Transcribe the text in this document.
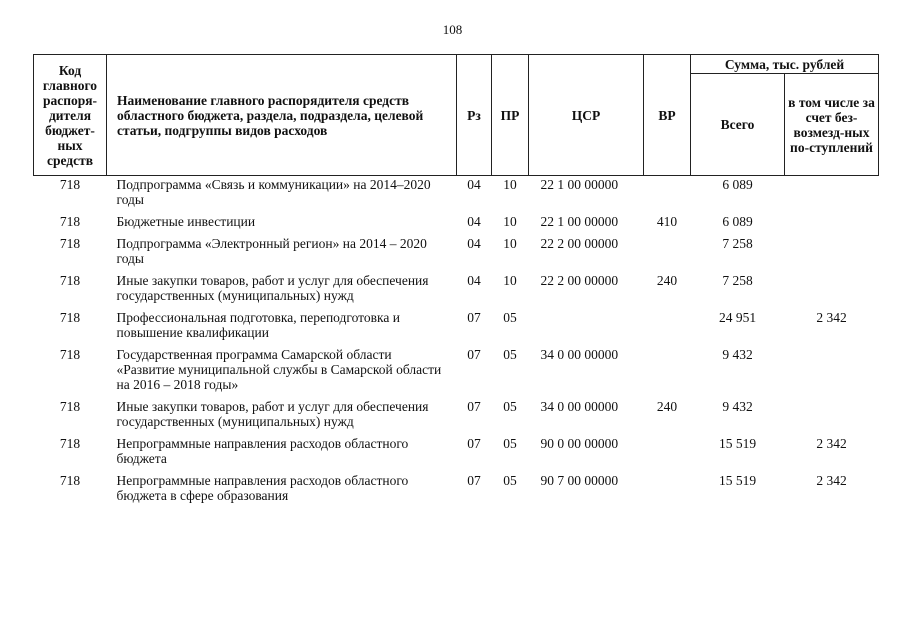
108
Код главного распоря-дителя бюджет-ных средств	Наименование главного распорядителя средств областного бюджета, раздела, подраздела, целевой статьи, подгруппы видов расходов	Рз	ПР	ЦСР	ВР	Сумма, тыс. рублей	
						Всего	в том числе за счет без-возмезд-ных по-ступлений
718	Подпрограмма «Связь и коммуникации» на 2014–2020 годы	04	10	22 1 00 00000		6 089	
718	Бюджетные инвестиции	04	10	22 1 00 00000	410	6 089	
718	Подпрограмма «Электронный регион» на 2014 – 2020 годы	04	10	22 2 00 00000		7 258	
718	Иные закупки товаров, работ и услуг для обеспечения государственных (муниципальных) нужд	04	10	22 2 00 00000	240	7 258	
718	Профессиональная подготовка, переподготовка и повышение квалификации	07	05			24 951	2 342
718	Государственная программа Самарской области «Развитие муниципальной службы в Самарской области на 2016 – 2018 годы»	07	05	34 0 00 00000		9 432	
718	Иные закупки товаров, работ и услуг для обеспечения государственных (муниципальных) нужд	07	05	34 0 00 00000	240	9 432	
718	Непрограммные направления расходов областного бюджета	07	05	90 0 00 00000		15 519	2 342
718	Непрограммные направления расходов областного бюджета в сфере образования	07	05	90 7 00 00000		15 519	2 342
